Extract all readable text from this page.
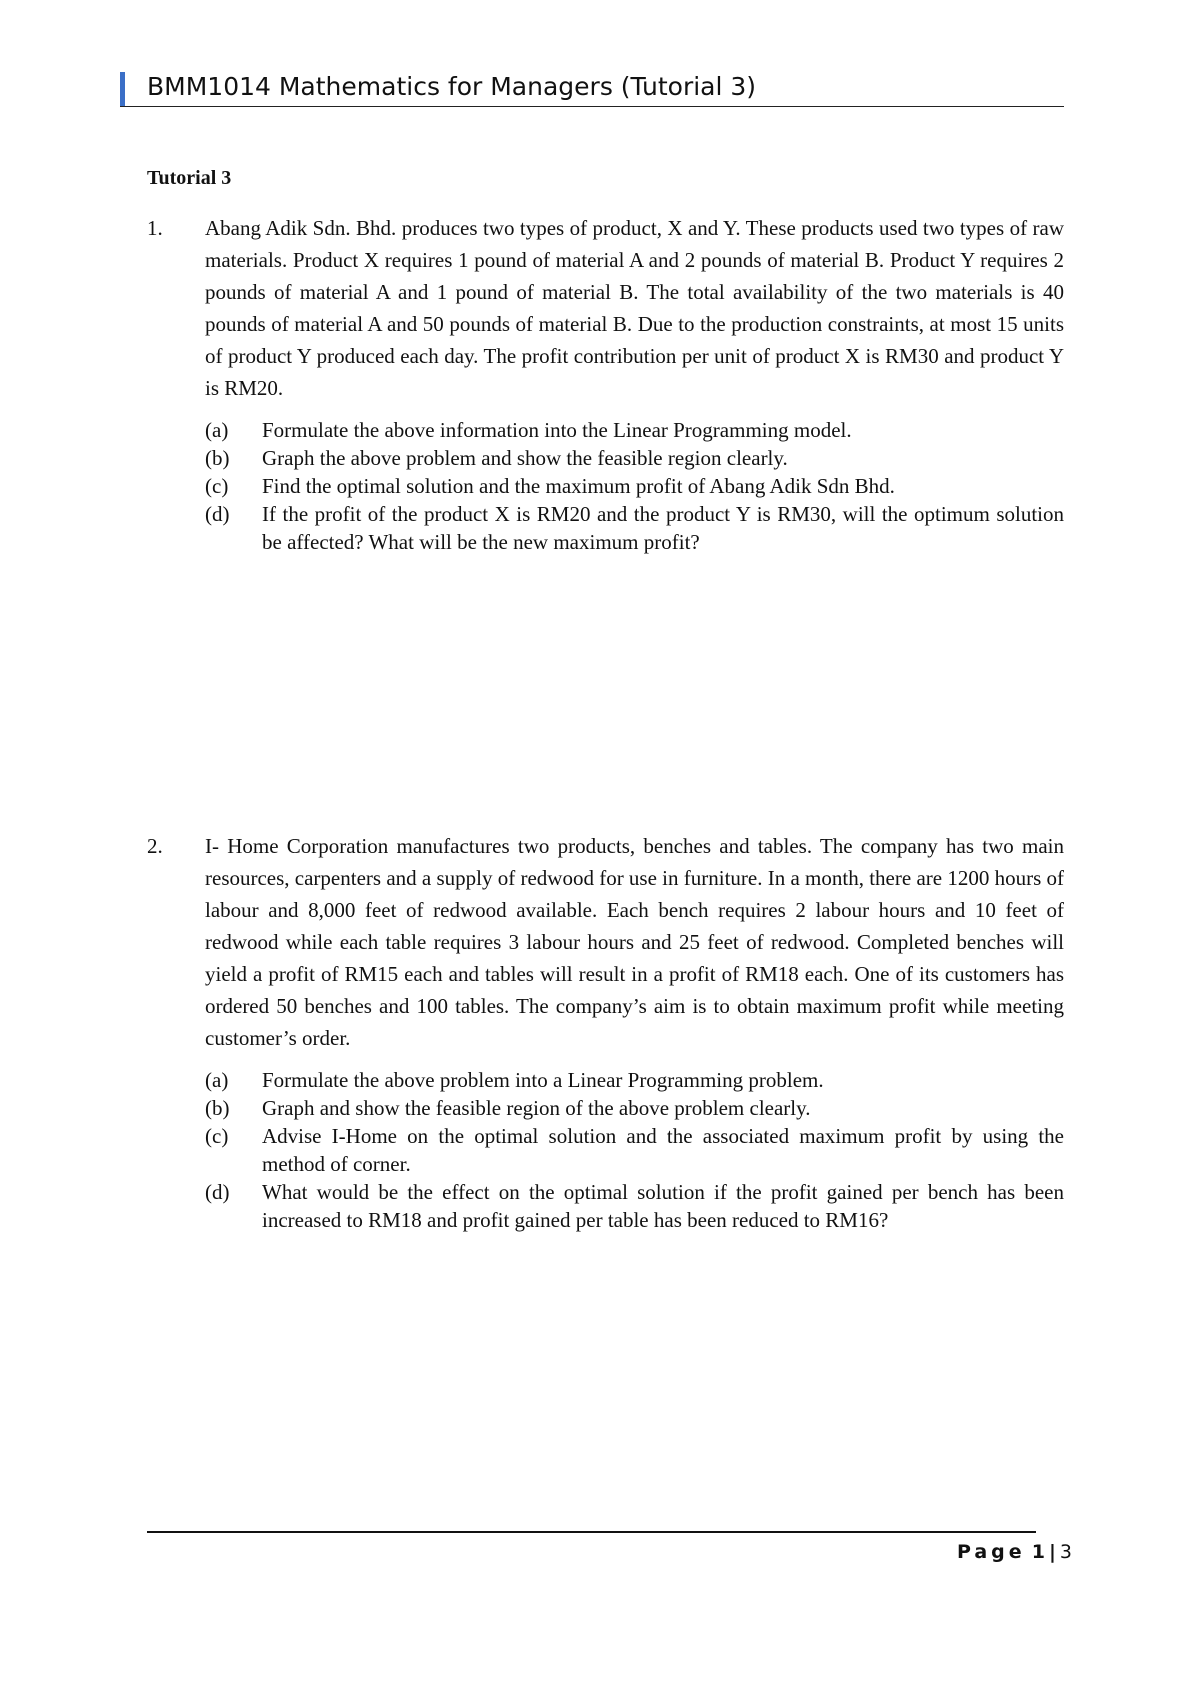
BMM1014 Mathematics for Managers (Tutorial 3)
Tutorial 3
1. Abang Adik Sdn. Bhd. produces two types of product, X and Y. These products used two types of raw materials. Product X requires 1 pound of material A and 2 pounds of material B. Product Y requires 2 pounds of material A and 1 pound of material B. The total availability of the two materials is 40 pounds of material A and 50 pounds of material B. Due to the production constraints, at most 15 units of product Y produced each day. The profit contribution per unit of product X is RM30 and product Y is RM20.
(a) Formulate the above information into the Linear Programming model.
(b) Graph the above problem and show the feasible region clearly.
(c) Find the optimal solution and the maximum profit of Abang Adik Sdn Bhd.
(d) If the profit of the product X is RM20 and the product Y is RM30, will the optimum solution be affected? What will be the new maximum profit?
2. I- Home Corporation manufactures two products, benches and tables. The company has two main resources, carpenters and a supply of redwood for use in furniture. In a month, there are 1200 hours of labour and 8,000 feet of redwood available. Each bench requires 2 labour hours and 10 feet of redwood while each table requires 3 labour hours and 25 feet of redwood. Completed benches will yield a profit of RM15 each and tables will result in a profit of RM18 each. One of its customers has ordered 50 benches and 100 tables. The company’s aim is to obtain maximum profit while meeting customer’s order.
(a) Formulate the above problem into a Linear Programming problem.
(b) Graph and show the feasible region of the above problem clearly.
(c) Advise I-Home on the optimal solution and the associated maximum profit by using the method of corner.
(d) What would be the effect on the optimal solution if the profit gained per bench has been increased to RM18 and profit gained per table has been reduced to RM16?
Page 1 | 3
